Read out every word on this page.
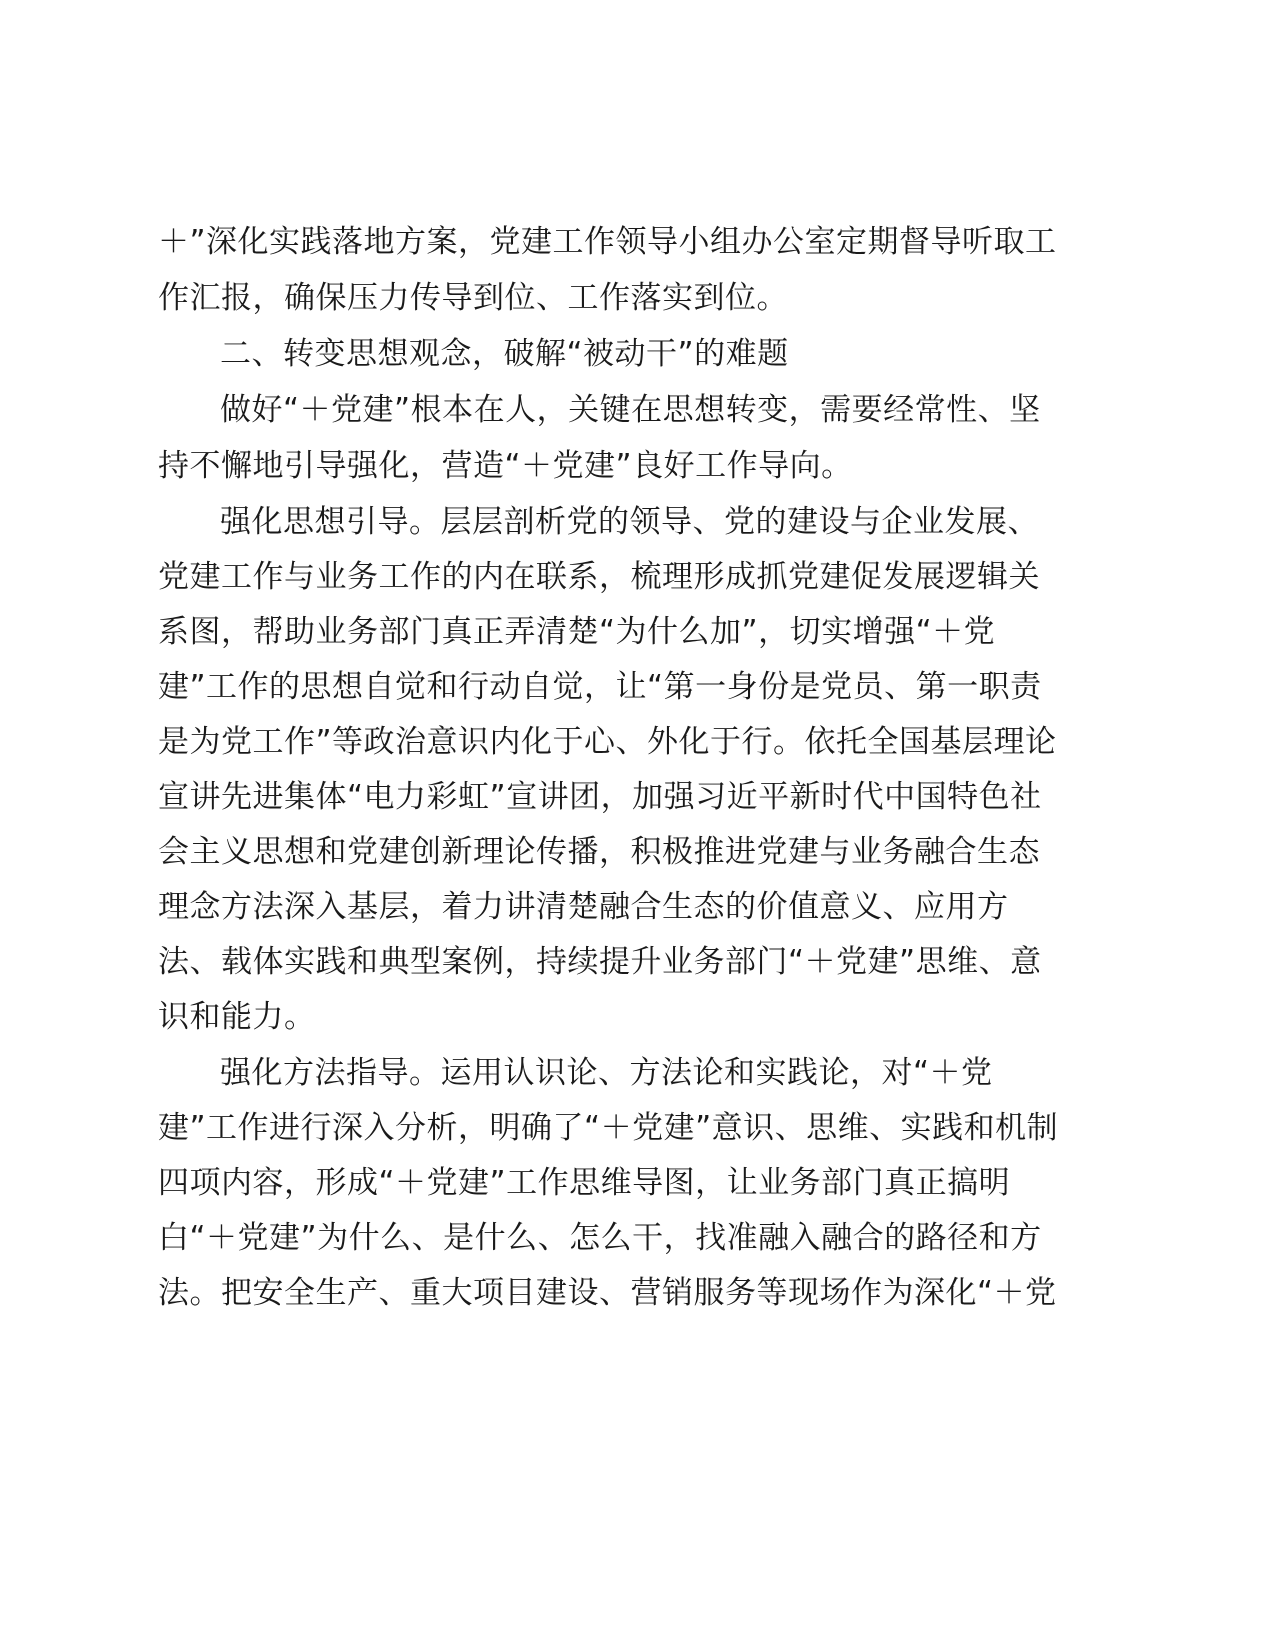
＋”深化实践落地方案，党建工作领导小组办公室定期督导听取工
作汇报，确保压力传导到位、工作落实到位。
二、转变思想观念，破解“被动干”的难题
做好“＋党建”根本在人，关键在思想转变，需要经常性、坚
持不懈地引导强化，营造“＋党建”良好工作导向。
强化思想引导。层层剖析党的领导、党的建设与企业发展、
党建工作与业务工作的内在联系，梳理形成抓党建促发展逻辑关
系图，帮助业务部门真正弄清楚“为什么加”，切实增强“＋党
建”工作的思想自觉和行动自觉，让“第一身份是党员、第一职责
是为党工作”等政治意识内化于心、外化于行。依托全国基层理论
宣讲先进集体“电力彩虹”宣讲团，加强习近平新时代中国特色社
会主义思想和党建创新理论传播，积极推进党建与业务融合生态
理念方法深入基层，着力讲清楚融合生态的价值意义、应用方
法、载体实践和典型案例，持续提升业务部门“＋党建”思维、意
识和能力。
强化方法指导。运用认识论、方法论和实践论，对“＋党
建”工作进行深入分析，明确了“＋党建”意识、思维、实践和机制
四项内容，形成“＋党建”工作思维导图，让业务部门真正搞明
白“＋党建”为什么、是什么、怎么干，找准融入融合的路径和方
法。把安全生产、重大项目建设、营销服务等现场作为深化“＋党
